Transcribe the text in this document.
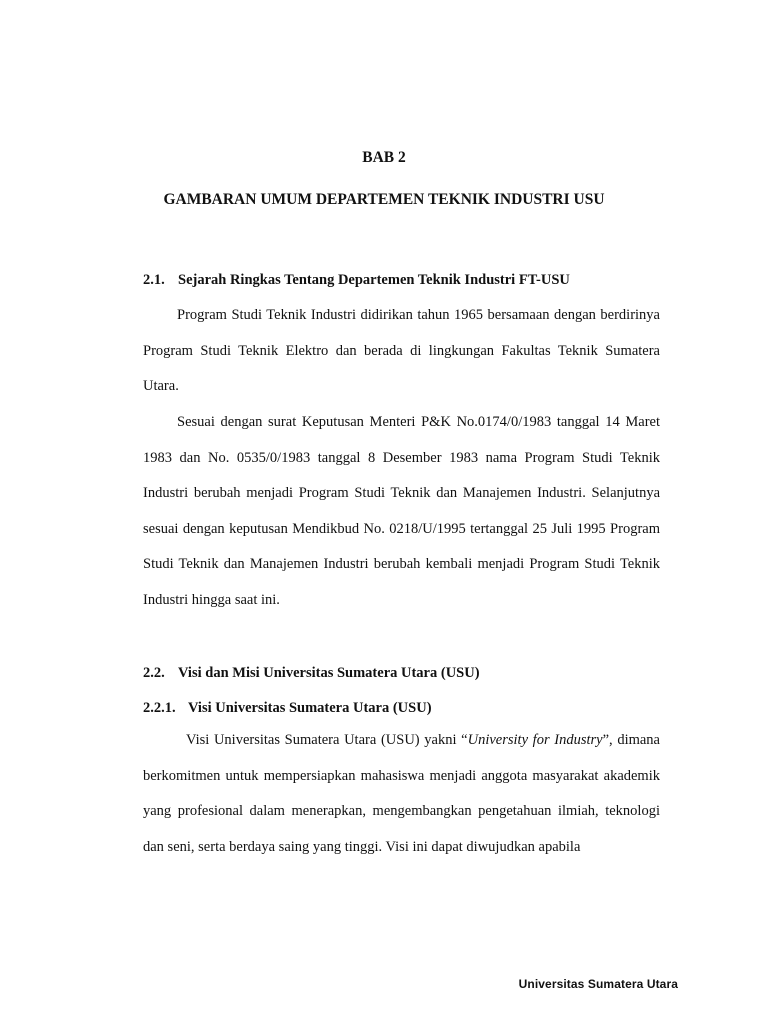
BAB 2
GAMBARAN UMUM DEPARTEMEN TEKNIK INDUSTRI USU
2.1. Sejarah Ringkas Tentang Departemen Teknik Industri FT-USU

Program Studi Teknik Industri didirikan tahun 1965 bersamaan dengan berdirinya Program Studi Teknik Elektro dan berada di lingkungan Fakultas Teknik Sumatera Utara.

Sesuai dengan surat Keputusan Menteri P&K No.0174/0/1983 tanggal 14 Maret 1983 dan No. 0535/0/1983 tanggal 8 Desember 1983 nama Program Studi Teknik Industri berubah menjadi Program Studi Teknik dan Manajemen Industri. Selanjutnya sesuai dengan keputusan Mendikbud No. 0218/U/1995 tertanggal 25 Juli 1995 Program Studi Teknik dan Manajemen Industri berubah kembali menjadi Program Studi Teknik Industri hingga saat ini.

2.2. Visi dan Misi Universitas Sumatera Utara (USU)
2.2.1. Visi Universitas Sumatera Utara (USU)

Visi Universitas Sumatera Utara (USU) yakni “University for Industry”, dimana berkomitmen untuk mempersiapkan mahasiswa menjadi anggota masyarakat akademik yang profesional dalam menerapkan, mengembangkan pengetahuan ilmiah, teknologi dan seni, serta berdaya saing yang tinggi. Visi ini dapat diwujudkan apabila

Universitas Sumatera Utara
